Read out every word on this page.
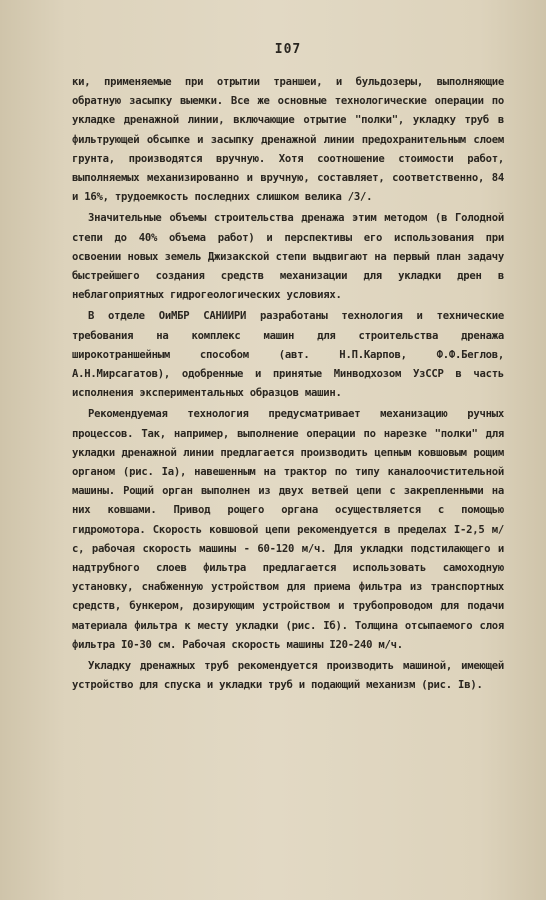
I07

ки, применяемые при отрытии траншеи, и бульдозеры, выполняющие обратную засыпку выемки. Все же основные технологические операции по укладке дренажной линии, включающие отрытие "полки", укладку труб в фильтрующей обсыпке и засыпку дренажной линии предохранительным слоем грунта, производятся вручную. Хотя соотношение стоимости работ, выполняемых механизированно и вручную, составляет, соответственно, 84 и 16%, трудоемкость последних слишком велика /3/.

Значительные объемы строительства дренажа этим методом (в Голодной степи до 40% объема работ) и перспективы его использования при освоении новых земель Джизакской степи выдвигают на первый план задачу быстрейшего создания средств механизации для укладки дрен в неблагоприятных гидрогеологических условиях.

В отделе ОиМБР САНИИРИ разработаны технология и технические требования на комплекс машин для строительства дренажа широкотраншейным способом (авт. Н.П.Карпов, Ф.Ф.Беглов, А.Н.Мирсагатов), одобренные и принятые Минводхозом УзССР в часть исполнения экспериментальных образцов машин.

Рекомендуемая технология предусматривает механизацию ручных процессов. Так, например, выполнение операции по нарезке "полки" для укладки дренажной линии предлагается производить цепным ковшовым рощим органом (рис. Iа), навешенным на трактор по типу каналоочистительной машины. Рощий орган выполнен из двух ветвей цепи с закрепленными на них ковшами. Привод рощего органа осуществляется с помощью гидромотора. Скорость ковшовой цепи рекомендуется в пределах I-2,5 м/с, рабочая скорость машины - 60-120 м/ч. Для укладки подстилающего и надтрубного слоев фильтра предлагается использовать самоходную установку, снабженную устройством для приема фильтра из транспортных средств, бункером, дозирующим устройством и трубопроводом для подачи материала фильтра к месту укладки (рис. Iб). Толщина отсыпаемого слоя фильтра I0-30 см. Рабочая скорость машины I20-240 м/ч.

Укладку дренажных труб рекомендуется производить машиной, имеющей устройство для спуска и укладки труб и подающий механизм (рис. Iв).
